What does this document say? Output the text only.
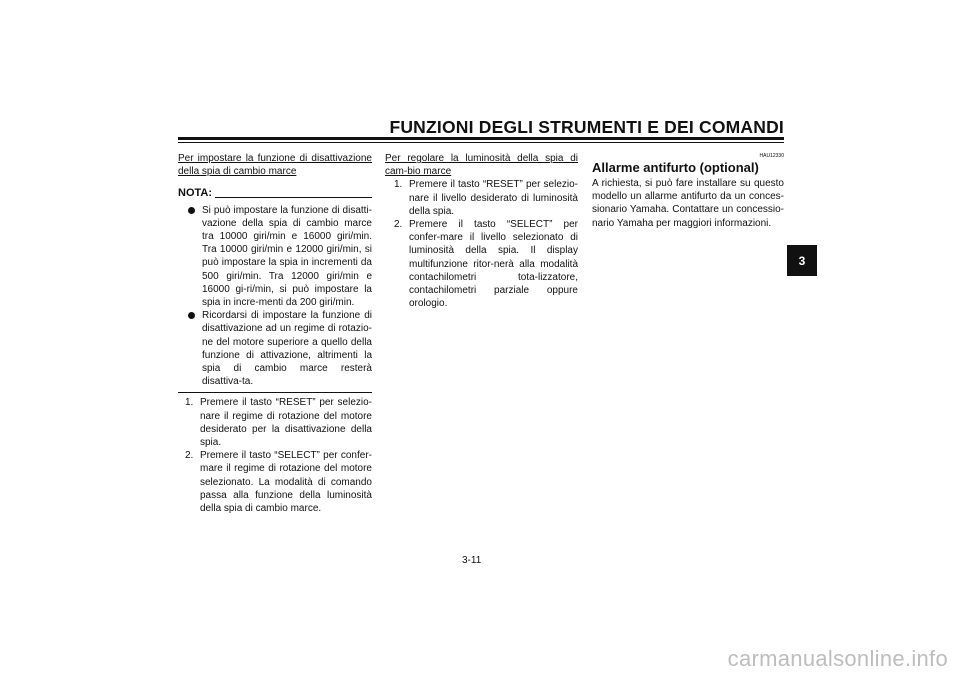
FUNZIONI DEGLI STRUMENTI E DEI COMANDI

Per impostare la funzione di disattivazione della spia di cambio marce

NOTA:
Si può impostare la funzione di disatti-vazione della spia di cambio marce tra 10000 giri/min e 16000 giri/min. Tra 10000 giri/min e 12000 giri/min, si può impostare la spia in incrementi da 500 giri/min. Tra 12000 giri/min e 16000 gi-ri/min, si può impostare la spia in incre-menti da 200 giri/min.
Ricordarsi di impostare la funzione di disattivazione ad un regime di rotazio-ne del motore superiore a quello della funzione di attivazione, altrimenti la spia di cambio marce resterà disattiva-ta.
1. Premere il tasto “RESET” per selezio-nare il regime di rotazione del motore desiderato per la disattivazione della spia.
2. Premere il tasto “SELECT” per confer-mare il regime di rotazione del motore selezionato. La modalità di comando passa alla funzione della luminosità della spia di cambio marce.

Per regolare la luminosità della spia di cam-bio marce

1. Premere il tasto “RESET” per selezio-nare il livello desiderato di luminosità della spia.
2. Premere il tasto “SELECT” per confer-mare il livello selezionato di luminosità della spia. Il display multifunzione ritor-nerà alla modalità contachilometri tota-lizzatore, contachilometri parziale oppure orologio.
HAU12330
Allarme antifurto (optional)
A richiesta, si può fare installare su questo modello un allarme antifurto da un conces-sionario Yamaha. Contattare un concessio-nario Yamaha per maggiori informazioni.
3
3-11
carmanualsonline.info
